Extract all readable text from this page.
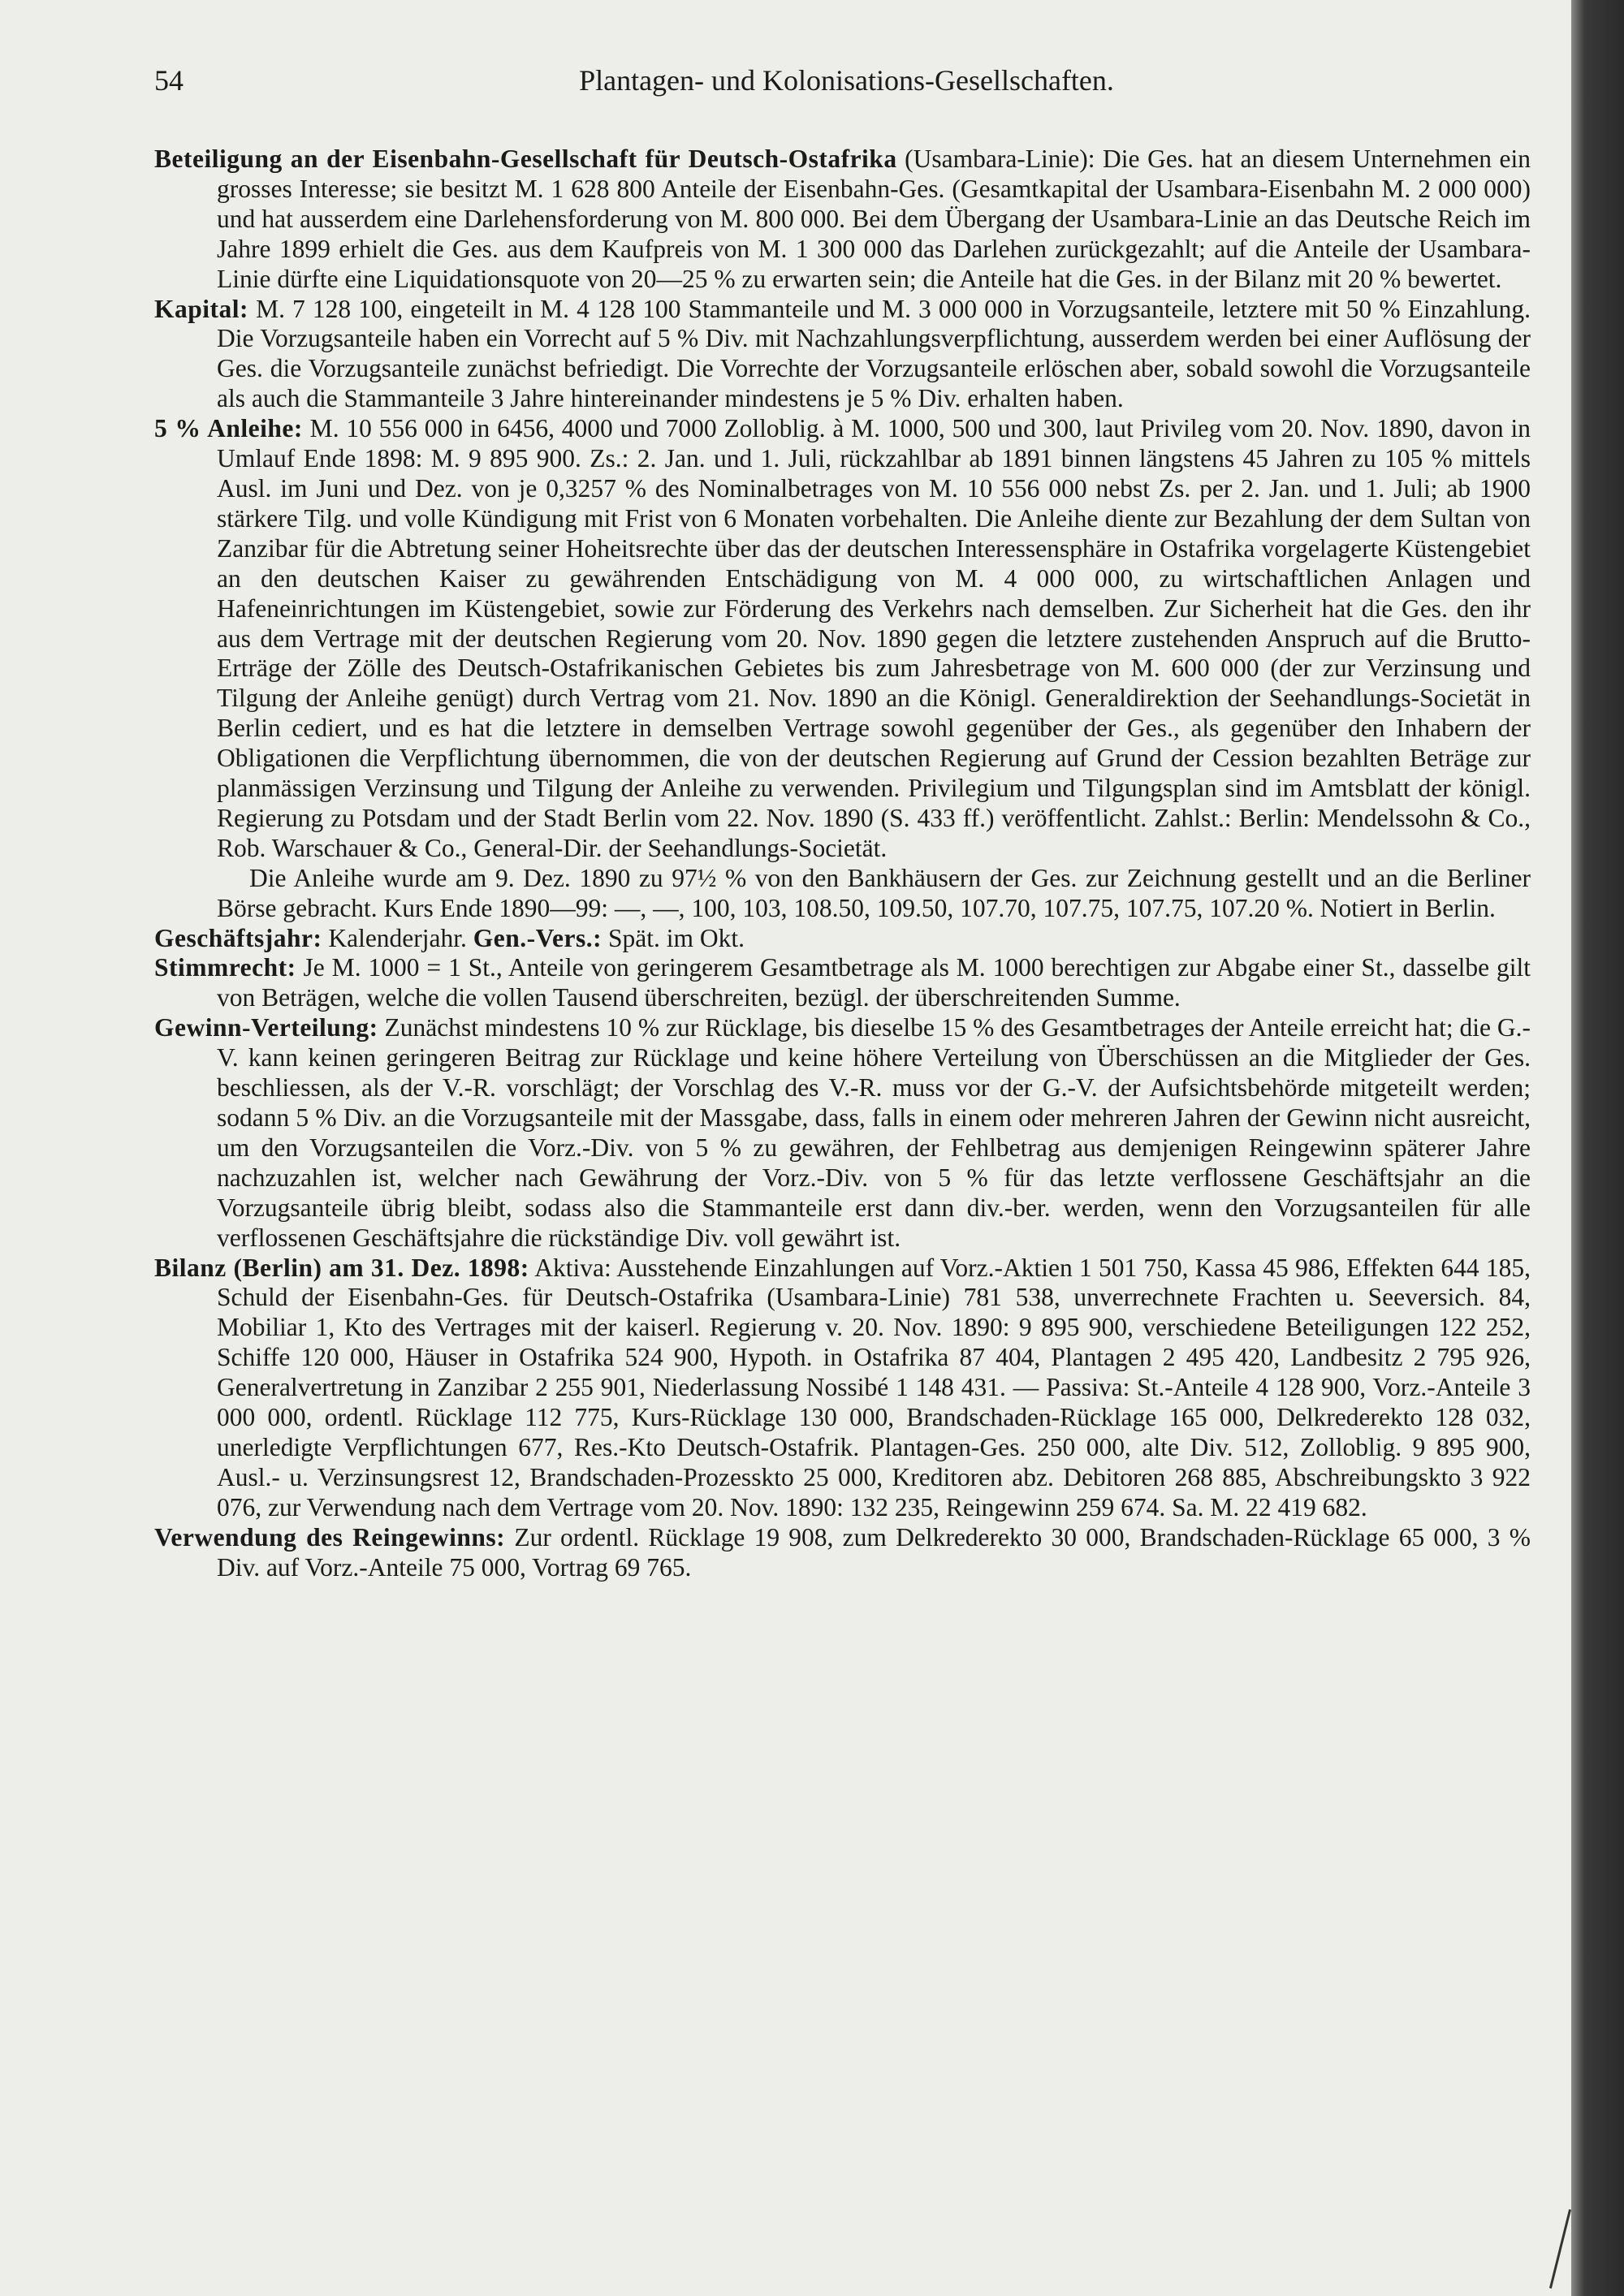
54	Plantagen- und Kolonisations-Gesellschaften.

Beteiligung an der Eisenbahn-Gesellschaft für Deutsch-Ostafrika (Usambara-Linie): Die Ges. hat an diesem Unternehmen ein grosses Interesse; sie besitzt M. 1 628 800 Anteile der Eisenbahn-Ges. (Gesamtkapital der Usambara-Eisenbahn M. 2 000 000) und hat ausserdem eine Darlehensforderung von M. 800 000. Bei dem Übergang der Usambara-Linie an das Deutsche Reich im Jahre 1899 erhielt die Ges. aus dem Kaufpreis von M. 1 300 000 das Darlehen zurückgezahlt; auf die Anteile der Usambara-Linie dürfte eine Liquidationsquote von 20—25 % zu erwarten sein; die Anteile hat die Ges. in der Bilanz mit 20 % bewertet.

Kapital: M. 7 128 100, eingeteilt in M. 4 128 100 Stammanteile und M. 3 000 000 in Vorzugsanteile, letztere mit 50 % Einzahlung. Die Vorzugsanteile haben ein Vorrecht auf 5 % Div. mit Nachzahlungsverpflichtung, ausserdem werden bei einer Auflösung der Ges. die Vorzugsanteile zunächst befriedigt. Die Vorrechte der Vorzugsanteile erlöschen aber, sobald sowohl die Vorzugsanteile als auch die Stammanteile 3 Jahre hintereinander mindestens je 5 % Div. erhalten haben.

5 % Anleihe: M. 10 556 000 in 6456, 4000 und 7000 Zolloblig. à M. 1000, 500 und 300, laut Privileg vom 20. Nov. 1890, davon in Umlauf Ende 1898: M. 9 895 900. Zs.: 2. Jan. und 1. Juli, rückzahlbar ab 1891 binnen längstens 45 Jahren zu 105 % mittels Ausl. im Juni und Dez. von je 0,3257 % des Nominalbetrages von M. 10 556 000 nebst Zs. per 2. Jan. und 1. Juli; ab 1900 stärkere Tilg. und volle Kündigung mit Frist von 6 Monaten vorbehalten. Die Anleihe diente zur Bezahlung der dem Sultan von Zanzibar für die Abtretung seiner Hoheitsrechte über das der deutschen Interessensphäre in Ostafrika vorgelagerte Küstengebiet an den deutschen Kaiser zu gewährenden Entschädigung von M. 4 000 000, zu wirtschaftlichen Anlagen und Hafeneinrichtungen im Küstengebiet, sowie zur Förderung des Verkehrs nach demselben. Zur Sicherheit hat die Ges. den ihr aus dem Vertrage mit der deutschen Regierung vom 20. Nov. 1890 gegen die letztere zustehenden Anspruch auf die Brutto-Erträge der Zölle des Deutsch-Ostafrikanischen Gebietes bis zum Jahresbetrage von M. 600 000 (der zur Verzinsung und Tilgung der Anleihe genügt) durch Vertrag vom 21. Nov. 1890 an die Königl. Generaldirektion der Seehandlungs-Societät in Berlin cediert, und es hat die letztere in demselben Vertrage sowohl gegenüber der Ges., als gegenüber den Inhabern der Obligationen die Verpflichtung übernommen, die von der deutschen Regierung auf Grund der Cession bezahlten Beträge zur planmässigen Verzinsung und Tilgung der Anleihe zu verwenden. Privilegium und Tilgungsplan sind im Amtsblatt der königl. Regierung zu Potsdam und der Stadt Berlin vom 22. Nov. 1890 (S. 433 ff.) veröffentlicht. Zahlst.: Berlin: Mendelssohn & Co., Rob. Warschauer & Co., General-Dir. der Seehandlungs-Societät.

Die Anleihe wurde am 9. Dez. 1890 zu 97½ % von den Bankhäusern der Ges. zur Zeichnung gestellt und an die Berliner Börse gebracht. Kurs Ende 1890—99: —, —, 100, 103, 108.50, 109.50, 107.70, 107.75, 107.75, 107.20 %. Notiert in Berlin.

Geschäftsjahr: Kalenderjahr. Gen.-Vers.: Spät. im Okt.

Stimmrecht: Je M. 1000 = 1 St., Anteile von geringerem Gesamtbetrage als M. 1000 berechtigen zur Abgabe einer St., dasselbe gilt von Beträgen, welche die vollen Tausend überschreiten, bezügl. der überschreitenden Summe.

Gewinn-Verteilung: Zunächst mindestens 10 % zur Rücklage, bis dieselbe 15 % des Gesamtbetrages der Anteile erreicht hat; die G.-V. kann keinen geringeren Beitrag zur Rücklage und keine höhere Verteilung von Überschüssen an die Mitglieder der Ges. beschliessen, als der V.-R. vorschlägt; der Vorschlag des V.-R. muss vor der G.-V. der Aufsichtsbehörde mitgeteilt werden; sodann 5 % Div. an die Vorzugsanteile mit der Massgabe, dass, falls in einem oder mehreren Jahren der Gewinn nicht ausreicht, um den Vorzugsanteilen die Vorz.-Div. von 5 % zu gewähren, der Fehlbetrag aus demjenigen Reingewinn späterer Jahre nachzuzahlen ist, welcher nach Gewährung der Vorz.-Div. von 5 % für das letzte verflossene Geschäftsjahr an die Vorzugsanteile übrig bleibt, sodass also die Stammanteile erst dann div.-ber. werden, wenn den Vorzugsanteilen für alle verflossenen Geschäftsjahre die rückständige Div. voll gewährt ist.

Bilanz (Berlin) am 31. Dez. 1898: Aktiva: Ausstehende Einzahlungen auf Vorz.-Aktien 1 501 750, Kassa 45 986, Effekten 644 185, Schuld der Eisenbahn-Ges. für Deutsch-Ostafrika (Usambara-Linie) 781 538, unverrechnete Frachten u. Seeversich. 84, Mobiliar 1, Kto des Vertrages mit der kaiserl. Regierung v. 20. Nov. 1890: 9 895 900, verschiedene Beteiligungen 122 252, Schiffe 120 000, Häuser in Ostafrika 524 900, Hypoth. in Ostafrika 87 404, Plantagen 2 495 420, Landbesitz 2 795 926, Generalvertretung in Zanzibar 2 255 901, Niederlassung Nossibé 1 148 431. — Passiva: St.-Anteile 4 128 900, Vorz.-Anteile 3 000 000, ordentl. Rücklage 112 775, Kurs-Rücklage 130 000, Brandschaden-Rücklage 165 000, Delkrederekto 128 032, unerledigte Verpflichtungen 677, Res.-Kto Deutsch-Ostafrik. Plantagen-Ges. 250 000, alte Div. 512, Zolloblig. 9 895 900, Ausl.- u. Verzinsungsrest 12, Brandschaden-Prozesskto 25 000, Kreditoren abz. Debitoren 268 885, Abschreibungskto 3 922 076, zur Verwendung nach dem Vertrage vom 20. Nov. 1890: 132 235, Reingewinn 259 674. Sa. M. 22 419 682.

Verwendung des Reingewinns: Zur ordentl. Rücklage 19 908, zum Delkrederekto 30 000, Brandschaden-Rücklage 65 000, 3 % Div. auf Vorz.-Anteile 75 000, Vortrag 69 765.
